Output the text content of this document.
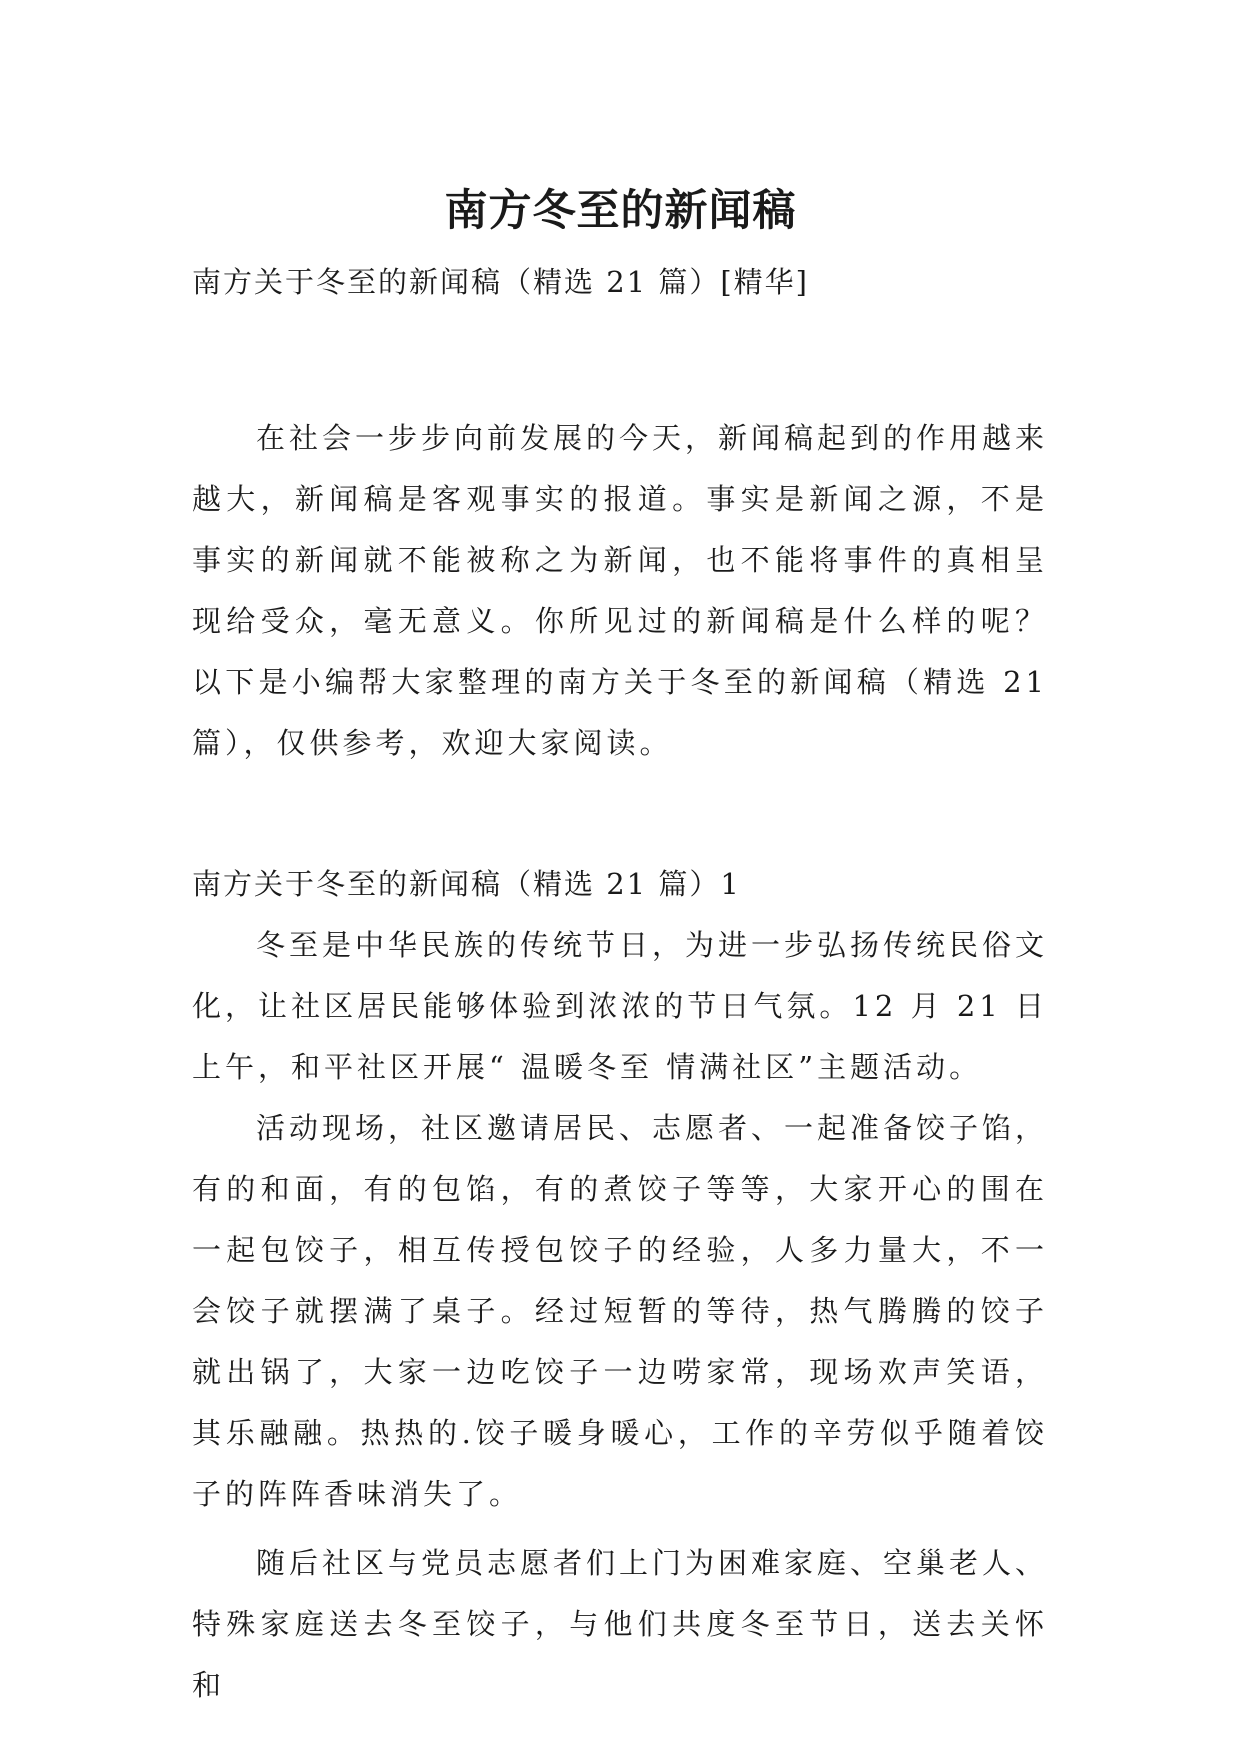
南方冬至的新闻稿
南方关于冬至的新闻稿（精选 21 篇）[精华]

在社会一步步向前发展的今天，新闻稿起到的作用越来越大，新闻稿是客观事实的报道。事实是新闻之源，不是事实的新闻就不能被称之为新闻，也不能将事件的真相呈现给受众，毫无意义。你所见过的新闻稿是什么样的呢？以下是小编帮大家整理的南方关于冬至的新闻稿（精选 21 篇），仅供参考，欢迎大家阅读。

南方关于冬至的新闻稿（精选 21 篇）1

冬至是中华民族的传统节日，为进一步弘扬传统民俗文化，让社区居民能够体验到浓浓的节日气氛。12 月 21 日上午，和平社区开展“ 温暖冬至 情满社区”主题活动。

活动现场，社区邀请居民、志愿者、一起准备饺子馅，有的和面，有的包馅，有的煮饺子等等，大家开心的围在一起包饺子，相互传授包饺子的经验，人多力量大，不一会饺子就摆满了桌子。经过短暂的等待，热气腾腾的饺子就出锅了，大家一边吃饺子一边唠家常，现场欢声笑语，其乐融融。热热的.饺子暖身暖心，工作的辛劳似乎随着饺子的阵阵香味消失了。

随后社区与党员志愿者们上门为困难家庭、空巢老人、特殊家庭送去冬至饺子，与他们共度冬至节日，送去关怀和
